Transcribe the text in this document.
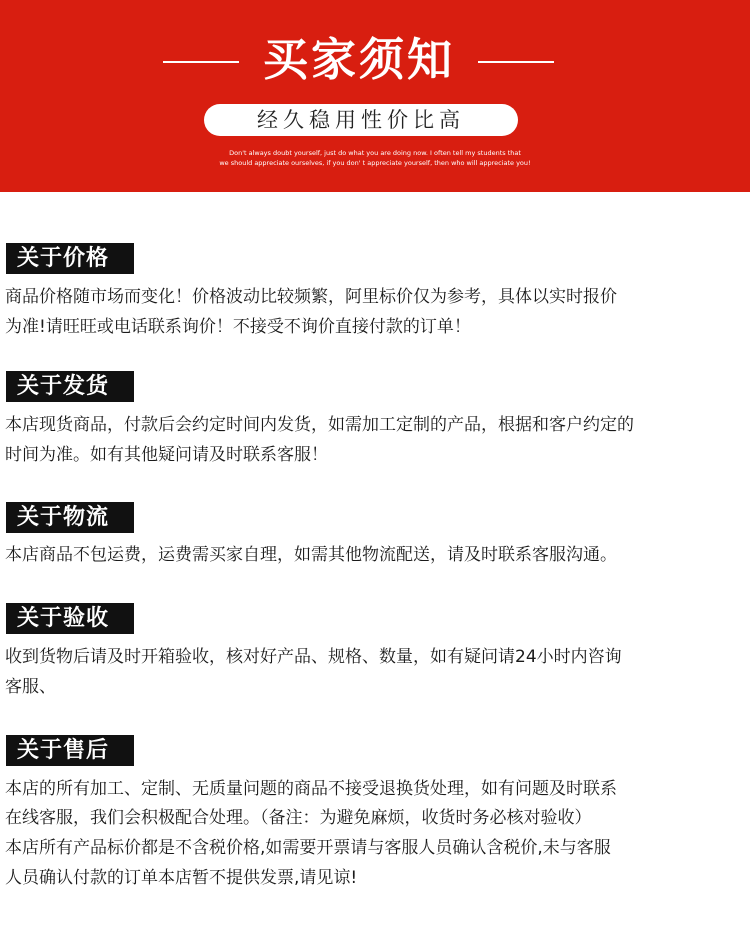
买家须知
经久稳用性价比高
Don't always doubt yourself, just do what you are doing now. I often tell my students that
we should appreciate ourselves, if you don' t appreciate yourself, then who will appreciate you!
关于价格
商品价格随市场而变化！价格波动比较频繁，阿里标价仅为参考，具体以实时报价
为准!请旺旺或电话联系询价！不接受不询价直接付款的订单！
关于发货
本店现货商品，付款后会约定时间内发货，如需加工定制的产品，根据和客户约定的
时间为准。如有其他疑问请及时联系客服！
关于物流
本店商品不包运费，运费需买家自理，如需其他物流配送，请及时联系客服沟通。
关于验收
收到货物后请及时开箱验收，核对好产品、规格、数量，如有疑问请24小时内咨询
客服、
关于售后
本店的所有加工、定制、无质量问题的商品不接受退换货处理，如有问题及时联系
在线客服，我们会积极配合处理。（备注：为避免麻烦，收货时务必核对验收）
本店所有产品标价都是不含税价格,如需要开票请与客服人员确认含税价,未与客服
人员确认付款的订单本店暂不提供发票,请见谅!
